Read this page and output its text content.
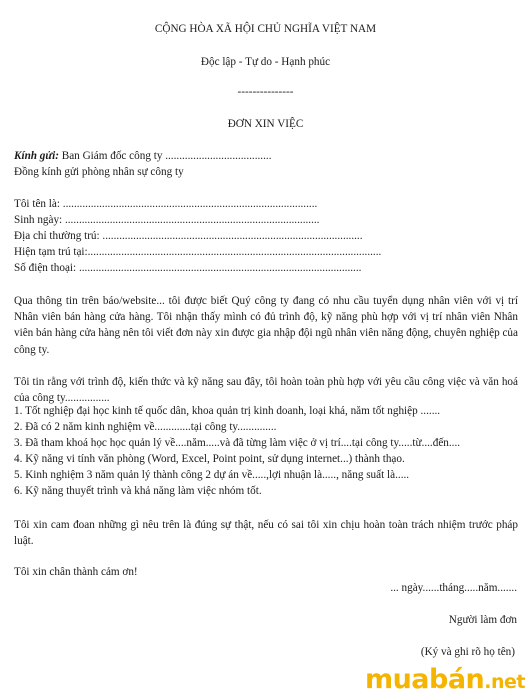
CỘNG HÒA XÃ HỘI CHỦ NGHĨA VIỆT NAM
Độc lập - Tự do - Hạnh phúc
---------------
ĐƠN XIN VIỆC
Kính gửi: Ban Giám đốc công ty ......................................
Đồng kính gửi phòng nhân sự công ty
Tôi tên là: ...........................................................................................
Sinh ngày: ...........................................................................................
Địa chỉ thường trú: .............................................................................................
Hiện tạm trú tại:.........................................................................................................
Số điện thoại: .....................................................................................................
Qua thông tin trên báo/website... tôi được biết Quý công ty đang có nhu cầu tuyển dụng nhân viên với vị trí Nhân viên bán hàng cửa hàng. Tôi nhận thấy mình có đủ trình độ, kỹ năng phù hợp với vị trí nhân viên Nhân viên bán hàng cửa hàng nên tôi viết đơn này xin được gia nhập đội ngũ nhân viên năng động, chuyên nghiệp của công ty.
Tôi tin rằng với trình độ, kiến thức và kỹ năng sau đây, tôi hoàn toàn phù hợp với yêu cầu công việc và văn hoá của công ty................
1. Tốt nghiệp đại học kinh tế quốc dân, khoa quản trị kinh doanh, loại khá, năm tốt nghiệp .......
2. Đã có 2 năm kinh nghiệm về.............tại công ty..............
3. Đã tham khoá học học quản lý về....năm.....và đã từng làm việc ở vị trí....tại công ty.....từ....đến....
4. Kỹ năng vi tính văn phòng (Word, Excel, Point point, sử dụng internet...) thành thạo.
5. Kinh nghiệm 3 năm quản lý thành công 2 dự án về.....,lợi nhuận là....., năng suất là.....
6. Kỹ năng thuyết trình và khả năng làm việc nhóm tốt.
Tôi xin cam đoan những gì nêu trên là đúng sự thật, nếu có sai tôi xin chịu hoàn toàn trách nhiệm trước pháp luật.
Tôi xin chân thành cảm ơn!
... ngày......tháng.....năm.......
Người làm đơn
(Ký và ghi rõ họ tên)
muabán.net
